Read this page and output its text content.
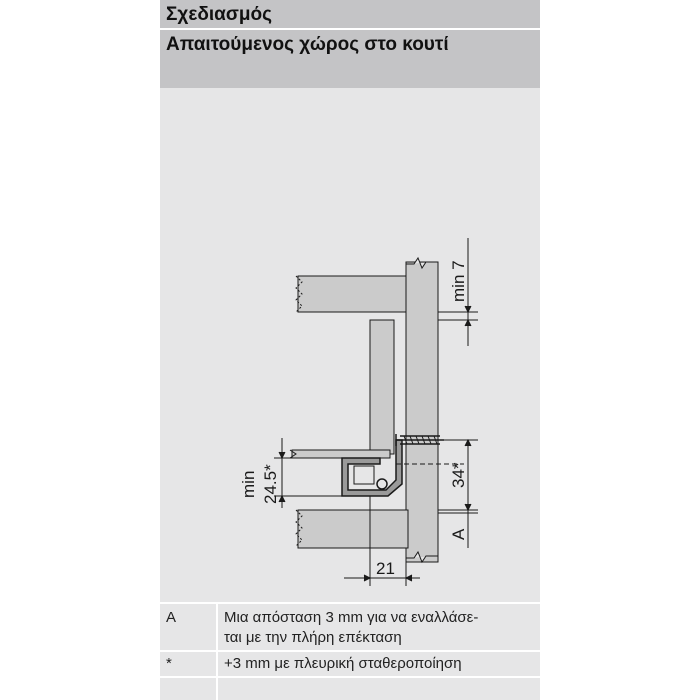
Σχεδιασμός
Απαιτούμενος χώρος στο κουτί
min 7
34*
A
min 24.5*
21
A	Μια απόσταση 3 mm για να εναλλάσε-
ται με την πλήρη επέκταση
*	+3 mm με πλευρική σταθεροποίηση
